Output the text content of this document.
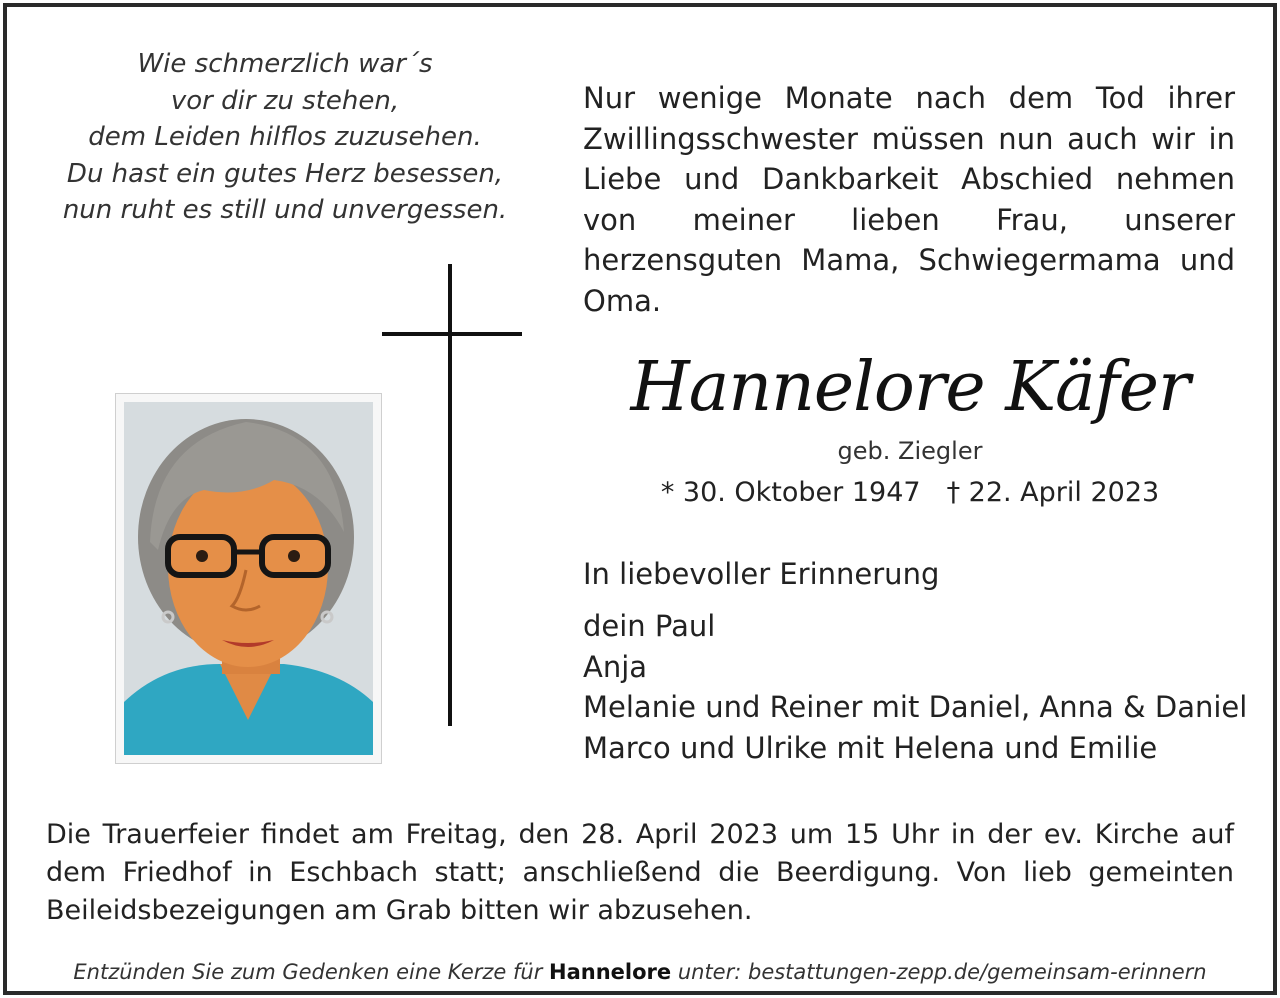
Wie schmerzlich war´s
vor dir zu stehen,
dem Leiden hilflos zuzusehen.
Du hast ein gutes Herz besessen,
nun ruht es still und unvergessen.
Nur wenige Monate nach dem Tod ihrer Zwillingsschwester müssen nun auch wir in Liebe und Dankbarkeit Abschied nehmen von meiner lieben Frau, unserer herzensguten Mama, Schwiegermama und Oma.
Hannelore Käfer
geb. Ziegler
* 30. Oktober 1947 † 22. April 2023
In liebevoller Erinnerung
dein Paul
Anja
Melanie und Reiner mit Daniel, Anna & Daniel
Marco und Ulrike mit Helena und Emilie
Die Trauerfeier findet am Freitag, den 28. April 2023 um 15 Uhr in der ev. Kirche auf dem Friedhof in Eschbach statt; anschließend die Beerdigung. Von lieb gemeinten Beileidsbezeigungen am Grab bitten wir abzusehen.
Entzünden Sie zum Gedenken eine Kerze für Hannelore unter: bestattungen-zepp.de/gemeinsam-erinnern
